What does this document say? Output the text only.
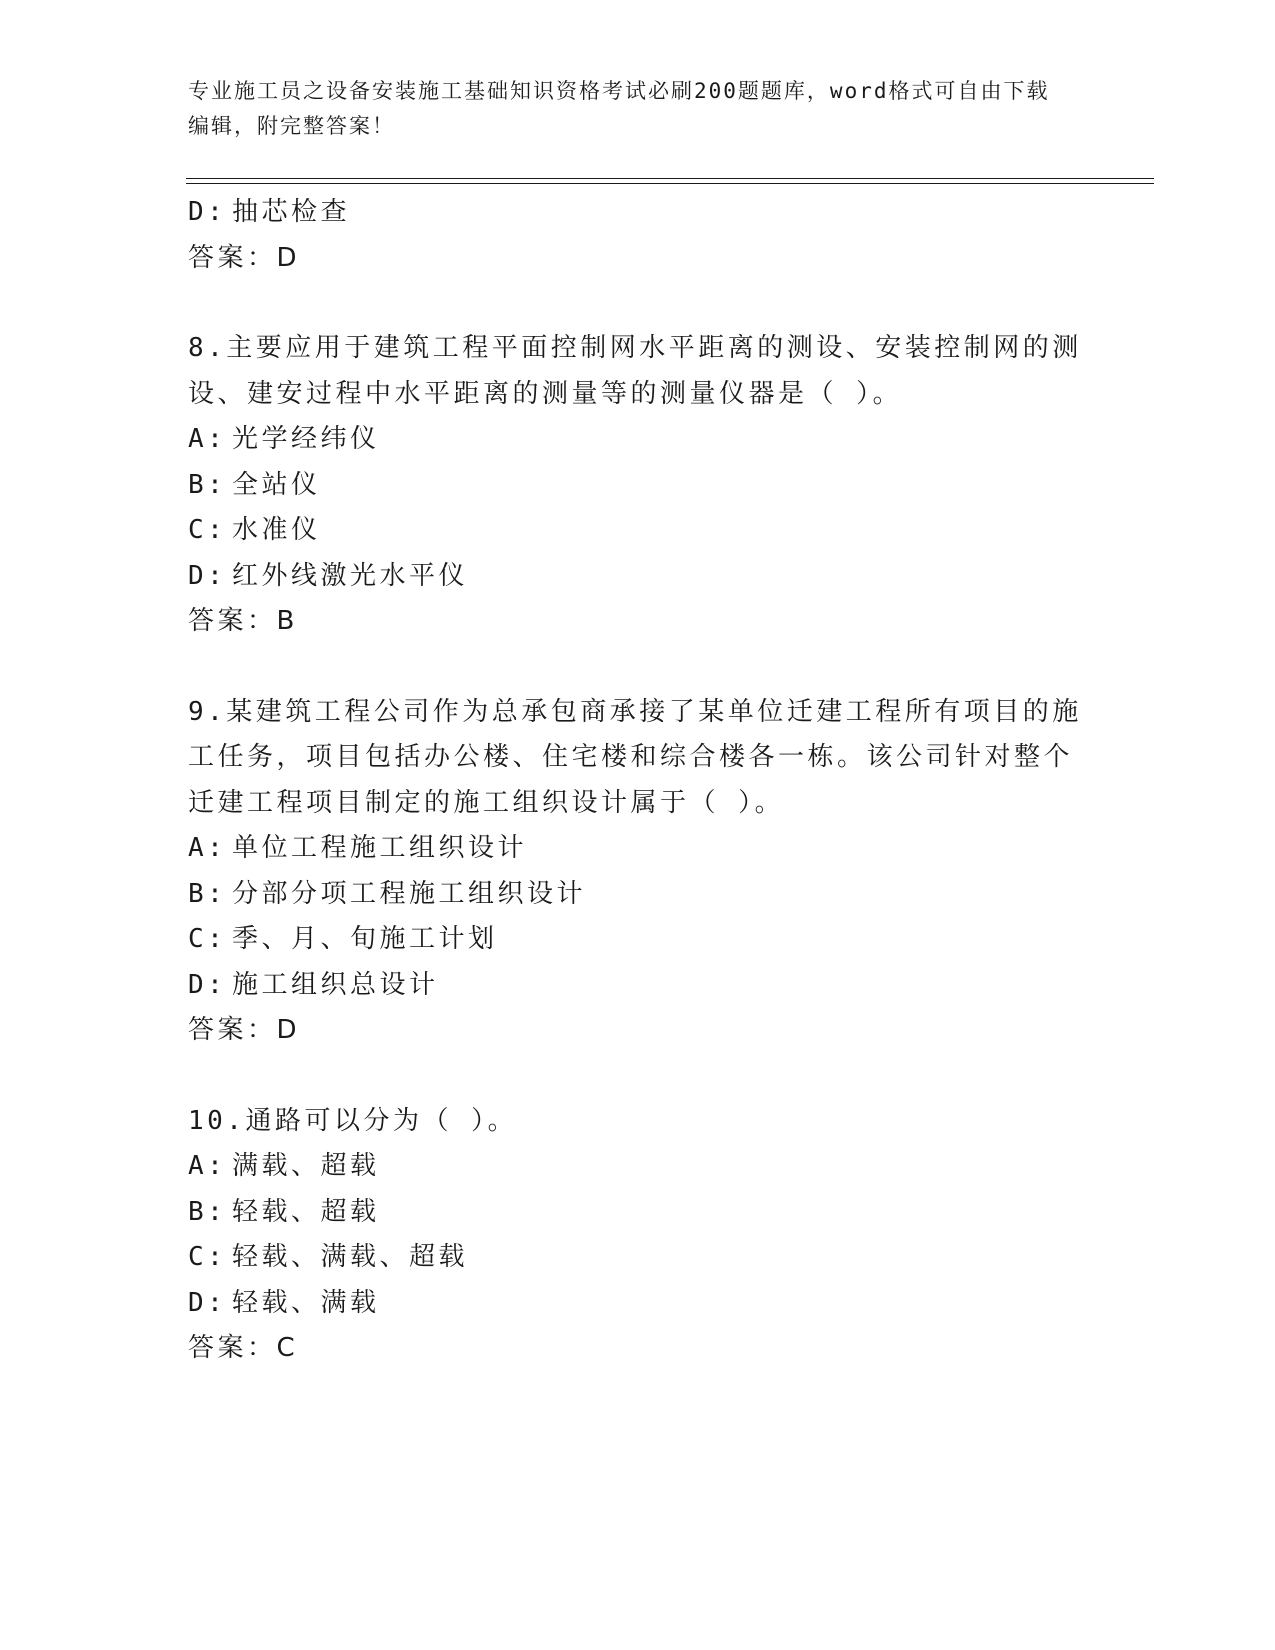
专业施工员之设备安装施工基础知识资格考试必刷200题题库，word格式可自由下载编辑，附完整答案！
D: 抽芯检查
答案：D
8.主要应用于建筑工程平面控制网水平距离的测设、安装控制网的测
设、建安过程中水平距离的测量等的测量仪器是（ ）。
A: 光学经纬仪
B: 全站仪
C: 水准仪
D: 红外线激光水平仪
答案：B
9.某建筑工程公司作为总承包商承接了某单位迁建工程所有项目的施
工任务，项目包括办公楼、住宅楼和综合楼各一栋。该公司针对整个
迁建工程项目制定的施工组织设计属于（ ）。
A: 单位工程施工组织设计
B: 分部分项工程施工组织设计
C: 季、月、旬施工计划
D: 施工组织总设计
答案：D
10.通路可以分为（ ）。
A: 满载、超载
B: 轻载、超载
C: 轻载、满载、超载
D: 轻载、满载
答案：C
